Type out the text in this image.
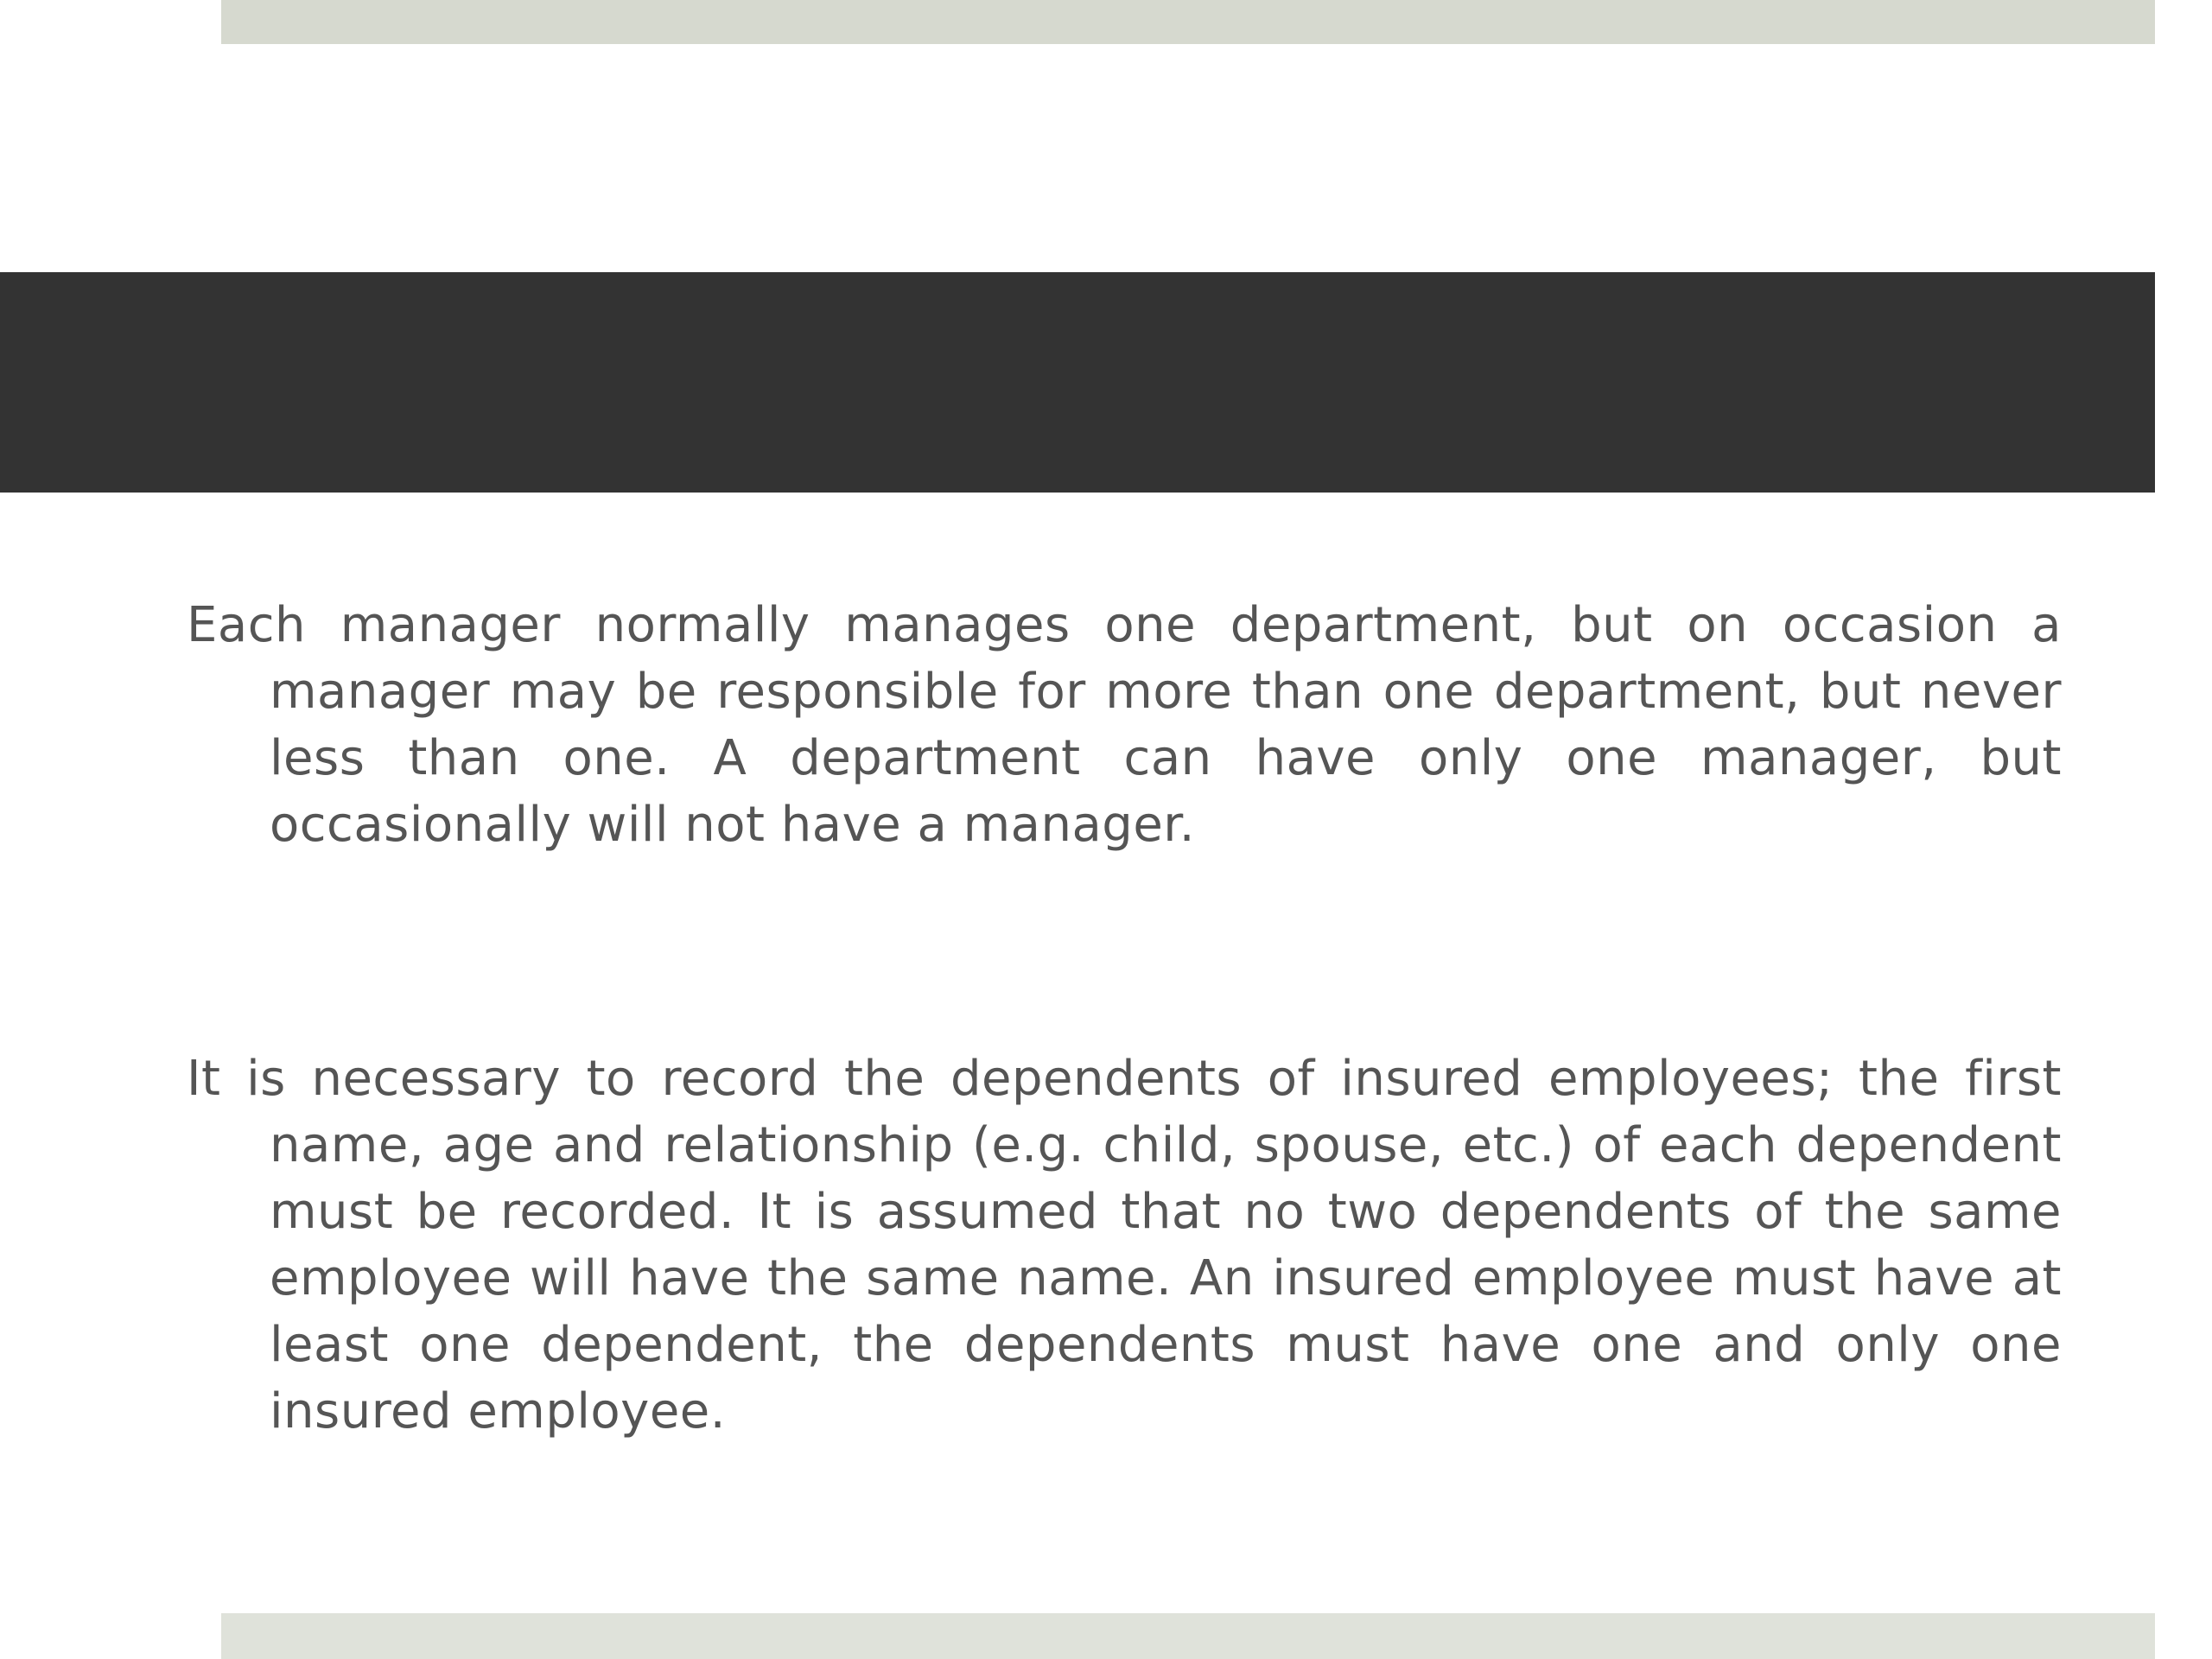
Each manager normally manages one department, but on occasion a manager may be responsible for more than one department, but never less than one. A department can have only one manager, but occasionally will not have a manager.

It is necessary to record the dependents of insured employees; the first name, age and relationship (e.g. child, spouse, etc.) of each dependent must be recorded. It is assumed that no two dependents of the same employee will have the same name. An insured employee must have at least one dependent, the dependents must have one and only one insured employee.
